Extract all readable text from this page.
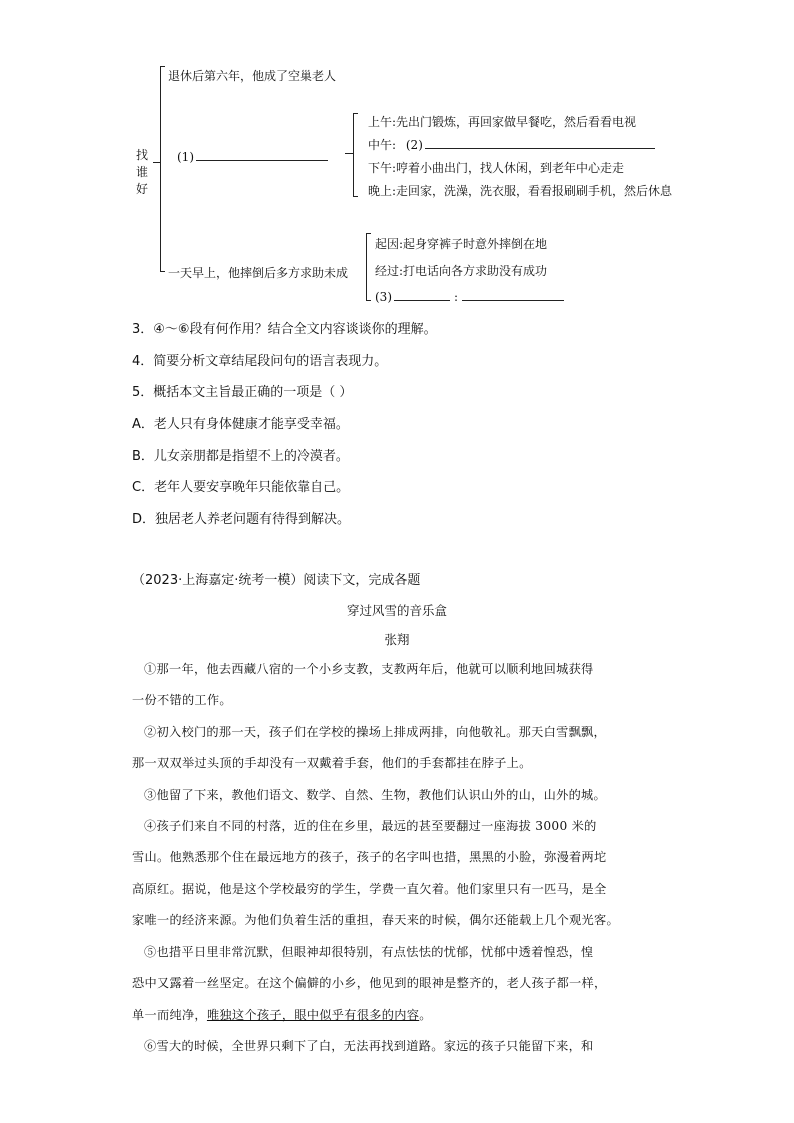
找
谁
好
退休后第六年，他成了空巢老人
(1)
上午:先出门锻炼，再回家做早餐吃，然后看看电视
中午: (2)
下午:哼着小曲出门，找人休闲，到老年中心走走
晚上:走回家，洗澡，洗衣服，看看报刷刷手机，然后休息
一天早上，他摔倒后多方求助未成
起因:起身穿裤子时意外摔倒在地
经过:打电话向各方求助没有成功
(3)	:
3．④～⑥段有何作用？结合全文内容谈谈你的理解。
4．简要分析文章结尾段问句的语言表现力。
5．概括本文主旨最正确的一项是（ ）
A．老人只有身体健康才能享受幸福。
B．儿女亲朋都是指望不上的冷漠者。
C．老年人要安享晚年只能依靠自己。
D．独居老人养老问题有待得到解决。
（2023·上海嘉定·统考一模）阅读下文，完成各题
穿过风雪的音乐盒
张翔
①那一年，他去西藏八宿的一个小乡支教，支教两年后，他就可以顺利地回城获得
一份不错的工作。
②初入校门的那一天，孩子们在学校的操场上排成两排，向他敬礼。那天白雪飘飘，
那一双双举过头顶的手却没有一双戴着手套，他们的手套都挂在脖子上。
③他留了下来，教他们语文、数学、自然、生物，教他们认识山外的山，山外的城。
④孩子们来自不同的村落，近的住在乡里，最远的甚至要翻过一座海拔 3000 米的
雪山。他熟悉那个住在最远地方的孩子，孩子的名字叫也措，黑黑的小脸，弥漫着两坨
高原红。据说，他是这个学校最穷的学生，学费一直欠着。他们家里只有一匹马，是全
家唯一的经济来源。为他们负着生活的重担，春天来的时候，偶尔还能载上几个观光客。
⑤也措平日里非常沉默，但眼神却很特别，有点怯怯的忧郁，忧郁中透着惶恐，惶
恐中又露着一丝坚定。在这个偏僻的小乡，他见到的眼神是整齐的，老人孩子都一样，
单一而纯净，唯独这个孩子，眼中似乎有很多的内容。
⑥雪大的时候，全世界只剩下了白，无法再找到道路。家远的孩子只能留下来，和
